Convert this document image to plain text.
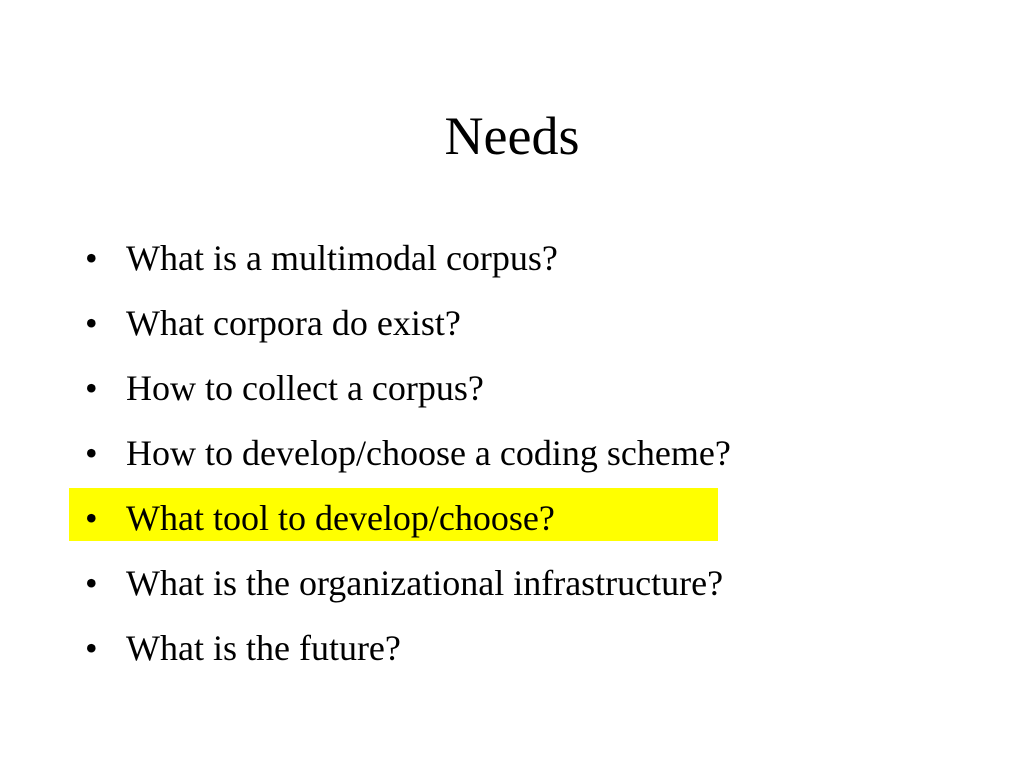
Needs
• What is a multimodal corpus?
• What corpora do exist?
• How to collect a corpus?
• How to develop/choose a coding scheme?
• What tool to develop/choose?
• What is the organizational infrastructure?
• What is the future?
